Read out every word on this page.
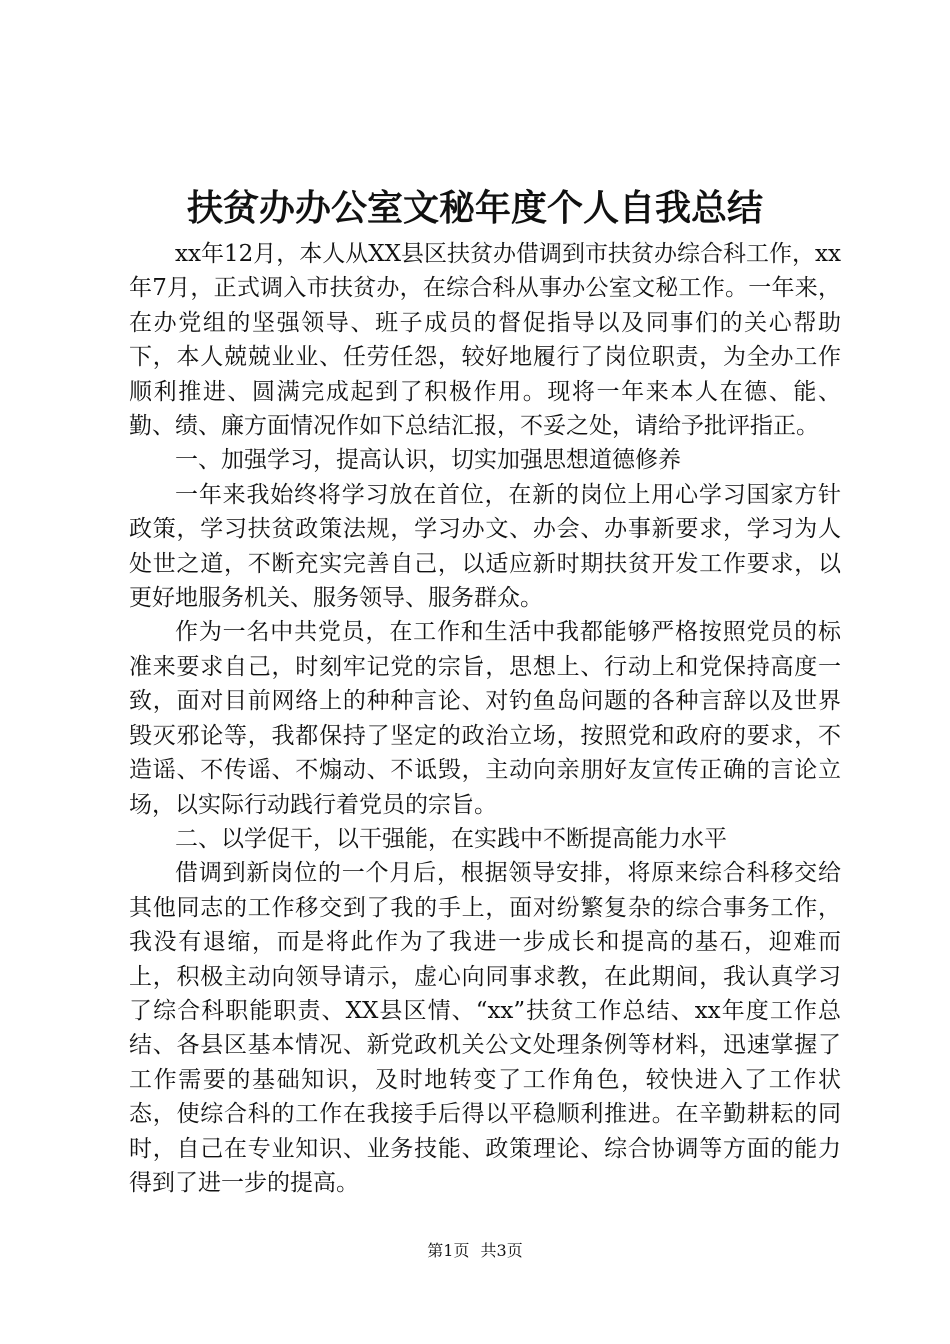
扶贫办办公室文秘年度个人自我总结

xx年12月，本人从XX县区扶贫办借调到市扶贫办综合科工作，xx年7月，正式调入市扶贫办，在综合科从事办公室文秘工作。一年来，在办党组的坚强领导、班子成员的督促指导以及同事们的关心帮助下，本人兢兢业业、任劳任怨，较好地履行了岗位职责，为全办工作顺利推进、圆满完成起到了积极作用。现将一年来本人在德、能、勤、绩、廉方面情况作如下总结汇报，不妥之处，请给予批评指正。

一、加强学习，提高认识，切实加强思想道德修养

一年来我始终将学习放在首位，在新的岗位上用心学习国家方针政策，学习扶贫政策法规，学习办文、办会、办事新要求，学习为人处世之道，不断充实完善自己，以适应新时期扶贫开发工作要求，以更好地服务机关、服务领导、服务群众。

作为一名中共党员，在工作和生活中我都能够严格按照党员的标准来要求自己，时刻牢记党的宗旨，思想上、行动上和党保持高度一致，面对目前网络上的种种言论、对钓鱼岛问题的各种言辞以及世界毁灭邪论等，我都保持了坚定的政治立场，按照党和政府的要求，不造谣、不传谣、不煽动、不诋毁，主动向亲朋好友宣传正确的言论立场，以实际行动践行着党员的宗旨。

二、以学促干，以干强能，在实践中不断提高能力水平

借调到新岗位的一个月后，根据领导安排，将原来综合科移交给其他同志的工作移交到了我的手上，面对纷繁复杂的综合事务工作，我没有退缩，而是将此作为了我进一步成长和提高的基石，迎难而上，积极主动向领导请示，虚心向同事求教，在此期间，我认真学习了综合科职能职责、XX县区情、“xx”扶贫工作总结、xx年度工作总结、各县区基本情况、新党政机关公文处理条例等材料，迅速掌握了工作需要的基础知识，及时地转变了工作角色，较快进入了工作状态，使综合科的工作在我接手后得以平稳顺利推进。在辛勤耕耘的同时，自己在专业知识、业务技能、政策理论、综合协调等方面的能力得到了进一步的提高。

第1页 共3页
